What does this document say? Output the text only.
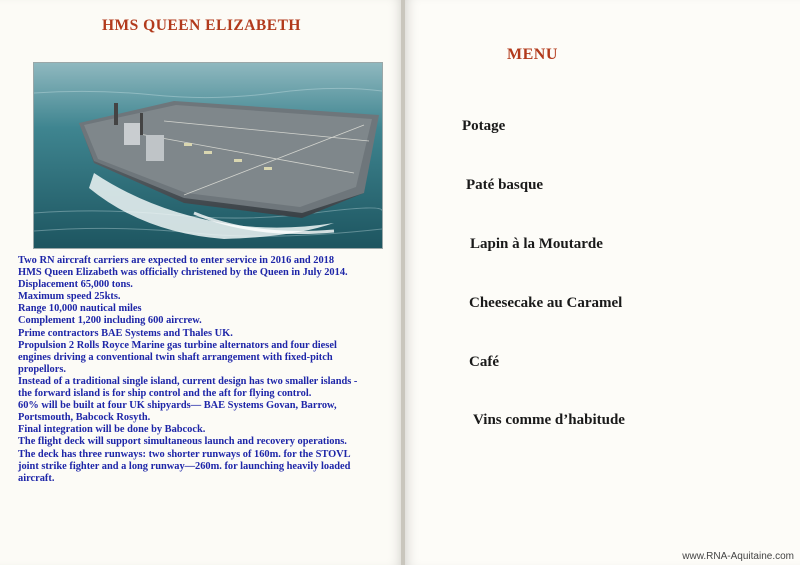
HMS QUEEN ELIZABETH
Two RN aircraft carriers are expected to enter service in 2016 and 2018
HMS Queen Elizabeth was officially christened by the Queen in July 2014.
Displacement 65,000 tons.
Maximum speed 25kts.
Range 10,000 nautical miles
Complement 1,200 including 600 aircrew.
Prime contractors BAE Systems and Thales UK.
Propulsion 2 Rolls Royce Marine gas turbine alternators and four diesel
engines driving a conventional twin shaft arrangement with fixed-pitch
propellors.
Instead of a traditional single island, current design has two smaller islands -
the forward island is for ship control and the aft for flying control.
60% will be built at four UK shipyards— BAE Systems Govan, Barrow,
Portsmouth, Babcock Rosyth.
Final integration will be done by Babcock.
The flight deck will support simultaneous launch and recovery operations.
The deck has three runways: two shorter runways of 160m. for the STOVL
joint strike fighter and a long runway—260m. for launching heavily loaded
aircraft.
MENU
Potage
Paté basque
Lapin à la Moutarde
Cheesecake au Caramel
Café
Vins comme d’habitude
www.RNA-Aquitaine.com
